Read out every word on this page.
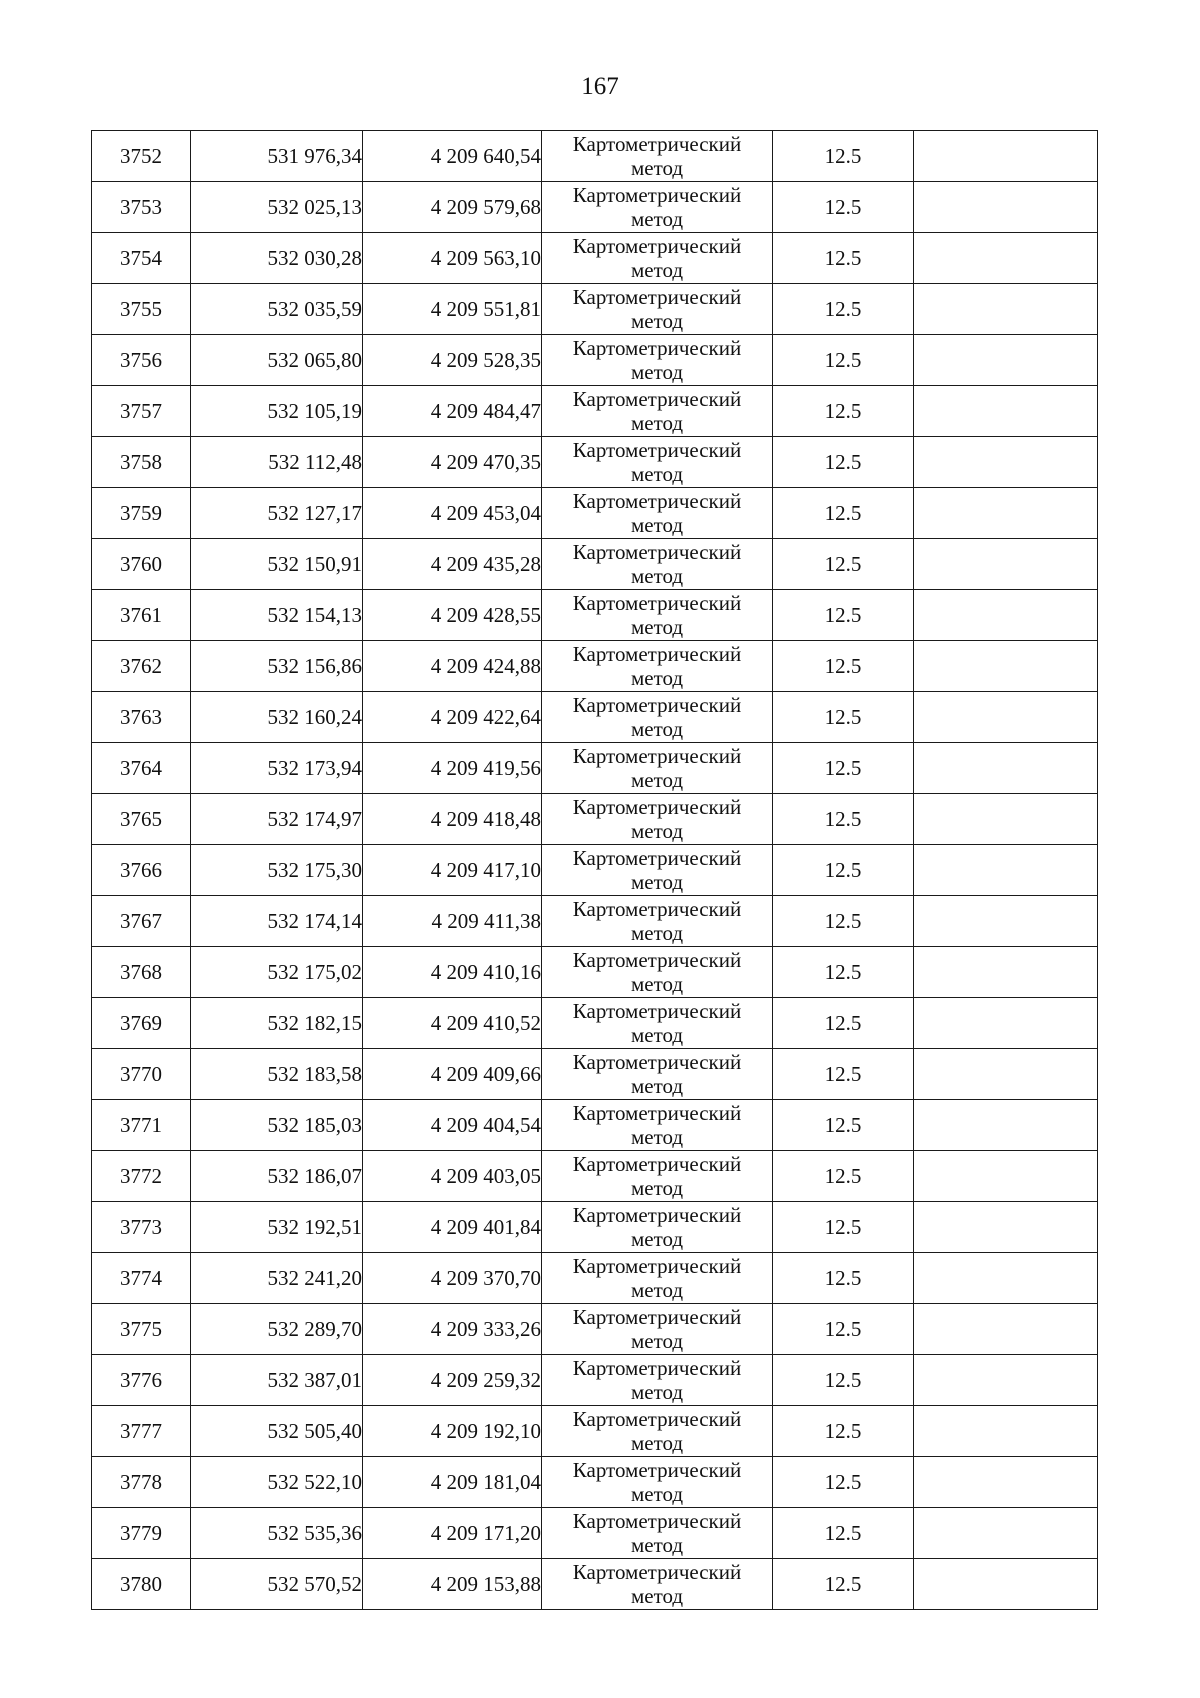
167
3752	531 976,34	4 209 640,54	Картометрический
метод	12.5	
3753	532 025,13	4 209 579,68	Картометрический
метод	12.5	
3754	532 030,28	4 209 563,10	Картометрический
метод	12.5	
3755	532 035,59	4 209 551,81	Картометрический
метод	12.5	
3756	532 065,80	4 209 528,35	Картометрический
метод	12.5	
3757	532 105,19	4 209 484,47	Картометрический
метод	12.5	
3758	532 112,48	4 209 470,35	Картометрический
метод	12.5	
3759	532 127,17	4 209 453,04	Картометрический
метод	12.5	
3760	532 150,91	4 209 435,28	Картометрический
метод	12.5	
3761	532 154,13	4 209 428,55	Картометрический
метод	12.5	
3762	532 156,86	4 209 424,88	Картометрический
метод	12.5	
3763	532 160,24	4 209 422,64	Картометрический
метод	12.5	
3764	532 173,94	4 209 419,56	Картометрический
метод	12.5	
3765	532 174,97	4 209 418,48	Картометрический
метод	12.5	
3766	532 175,30	4 209 417,10	Картометрический
метод	12.5	
3767	532 174,14	4 209 411,38	Картометрический
метод	12.5	
3768	532 175,02	4 209 410,16	Картометрический
метод	12.5	
3769	532 182,15	4 209 410,52	Картометрический
метод	12.5	
3770	532 183,58	4 209 409,66	Картометрический
метод	12.5	
3771	532 185,03	4 209 404,54	Картометрический
метод	12.5	
3772	532 186,07	4 209 403,05	Картометрический
метод	12.5	
3773	532 192,51	4 209 401,84	Картометрический
метод	12.5	
3774	532 241,20	4 209 370,70	Картометрический
метод	12.5	
3775	532 289,70	4 209 333,26	Картометрический
метод	12.5	
3776	532 387,01	4 209 259,32	Картометрический
метод	12.5	
3777	532 505,40	4 209 192,10	Картометрический
метод	12.5	
3778	532 522,10	4 209 181,04	Картометрический
метод	12.5	
3779	532 535,36	4 209 171,20	Картометрический
метод	12.5	
3780	532 570,52	4 209 153,88	Картометрический
метод	12.5	
